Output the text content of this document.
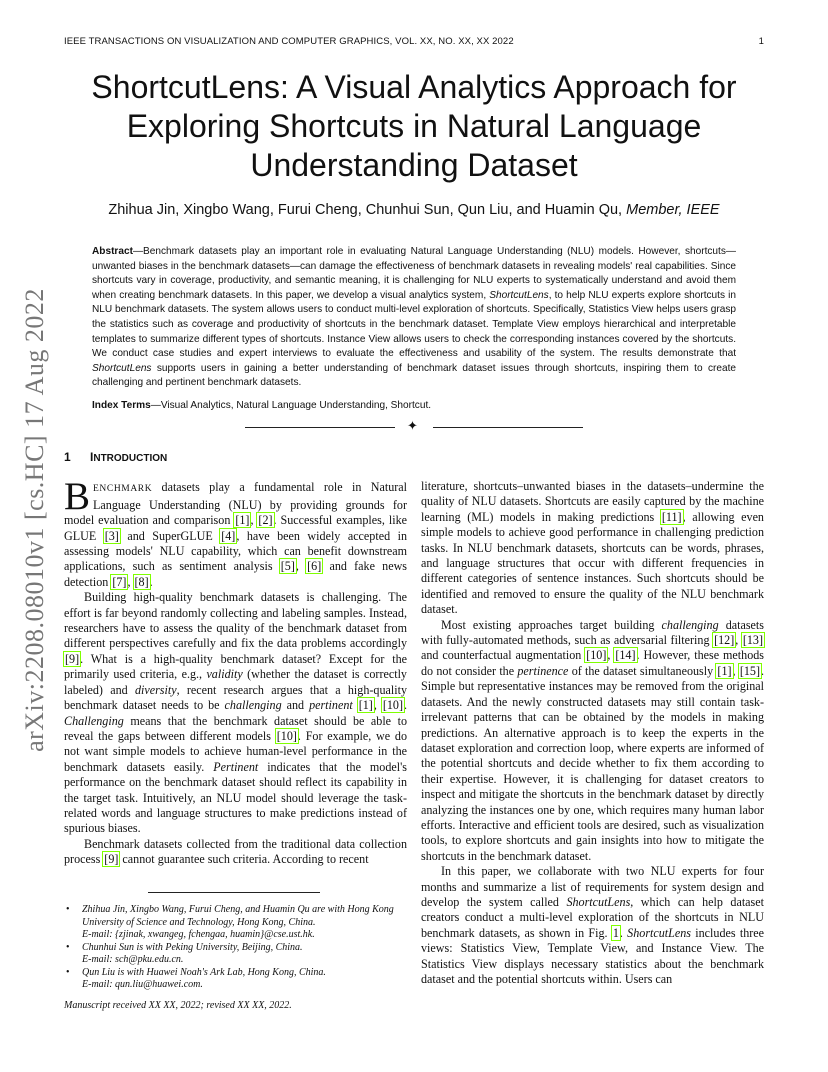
IEEE TRANSACTIONS ON VISUALIZATION AND COMPUTER GRAPHICS, VOL. XX, NO. XX, XX 2022	1
arXiv:2208.08010v1 [cs.HC] 17 Aug 2022
ShortcutLens: A Visual Analytics Approach for Exploring Shortcuts in Natural Language Understanding Dataset
Zhihua Jin, Xingbo Wang, Furui Cheng, Chunhui Sun, Qun Liu, and Huamin Qu, Member, IEEE
Abstract—Benchmark datasets play an important role in evaluating Natural Language Understanding (NLU) models. However, shortcuts—unwanted biases in the benchmark datasets—can damage the effectiveness of benchmark datasets in revealing models' real capabilities. Since shortcuts vary in coverage, productivity, and semantic meaning, it is challenging for NLU experts to systematically understand and avoid them when creating benchmark datasets. In this paper, we develop a visual analytics system, ShortcutLens, to help NLU experts explore shortcuts in NLU benchmark datasets. The system allows users to conduct multi-level exploration of shortcuts. Specifically, Statistics View helps users grasp the statistics such as coverage and productivity of shortcuts in the benchmark dataset. Template View employs hierarchical and interpretable templates to summarize different types of shortcuts. Instance View allows users to check the corresponding instances covered by the shortcuts. We conduct case studies and expert interviews to evaluate the effectiveness and usability of the system. The results demonstrate that ShortcutLens supports users in gaining a better understanding of benchmark dataset issues through shortcuts, inspiring them to create challenging and pertinent benchmark datasets.
Index Terms—Visual Analytics, Natural Language Understanding, Shortcut.
✦
1 INTRODUCTION

BENCHMARK datasets play a fundamental role in Natural Language Understanding (NLU) by providing grounds for model evaluation and comparison [1], [2]. Successful examples, like GLUE [3] and SuperGLUE [4], have been widely accepted in assessing models' NLU capability, which can benefit downstream applications, such as sentiment analysis [5], [6] and fake news detection [7], [8].

Building high-quality benchmark datasets is challenging. The effort is far beyond randomly collecting and labeling samples. Instead, researchers have to assess the quality of the benchmark dataset from different perspectives carefully and fix the data problems accordingly [9]. What is a high-quality benchmark dataset? Except for the primarily used criteria, e.g., validity (whether the dataset is correctly labeled) and diversity, recent research argues that a high-quality benchmark dataset needs to be challenging and pertinent [1], [10]. Challenging means that the benchmark dataset should be able to reveal the gaps between different models [10]. For example, we do not want simple models to achieve human-level performance in the benchmark datasets easily. Pertinent indicates that the model's performance on the benchmark dataset should reflect its capability in the target task. Intuitively, an NLU model should leverage the task-related words and language structures to make predictions instead of spurious biases.

Benchmark datasets collected from the traditional data collection process [9] cannot guarantee such criteria. According to recent

• Zhihua Jin, Xingbo Wang, Furui Cheng, and Huamin Qu are with Hong Kong University of Science and Technology, Hong Kong, China.
E-mail: {zjinak, xwangeg, fchengaa, huamin}@cse.ust.hk.
• Chunhui Sun is with Peking University, Beijing, China.
E-mail: sch@pku.edu.cn.
• Qun Liu is with Huawei Noah's Ark Lab, Hong Kong, China.
E-mail: qun.liu@huawei.com.
Manuscript received XX XX, 2022; revised XX XX, 2022.

literature, shortcuts–unwanted biases in the datasets–undermine the quality of NLU datasets. Shortcuts are easily captured by the machine learning (ML) models in making predictions [11], allowing even simple models to achieve good performance in challenging prediction tasks. In NLU benchmark datasets, shortcuts can be words, phrases, and language structures that occur with different frequencies in different categories of sentence instances. Such shortcuts should be identified and removed to ensure the quality of the NLU benchmark dataset.

Most existing approaches target building challenging datasets with fully-automated methods, such as adversarial filtering [12], [13] and counterfactual augmentation [10], [14]. However, these methods do not consider the pertinence of the dataset simultaneously [1], [15]. Simple but representative instances may be removed from the original datasets. And the newly constructed datasets may still contain task-irrelevant patterns that can be obtained by the models in making predictions. An alternative approach is to keep the experts in the dataset exploration and correction loop, where experts are informed of the potential shortcuts and decide whether to fix them according to their expertise. However, it is challenging for dataset creators to inspect and mitigate the shortcuts in the benchmark dataset by directly analyzing the instances one by one, which requires many human labor efforts. Interactive and efficient tools are desired, such as visualization tools, to explore shortcuts and gain insights into how to mitigate the shortcuts in the benchmark dataset.

In this paper, we collaborate with two NLU experts for four months and summarize a list of requirements for system design and develop the system called ShortcutLens, which can help dataset creators conduct a multi-level exploration of the shortcuts in NLU benchmark datasets, as shown in Fig. 1. ShortcutLens includes three views: Statistics View, Template View, and Instance View. The Statistics View displays necessary statistics about the benchmark dataset and the potential shortcuts within. Users can
